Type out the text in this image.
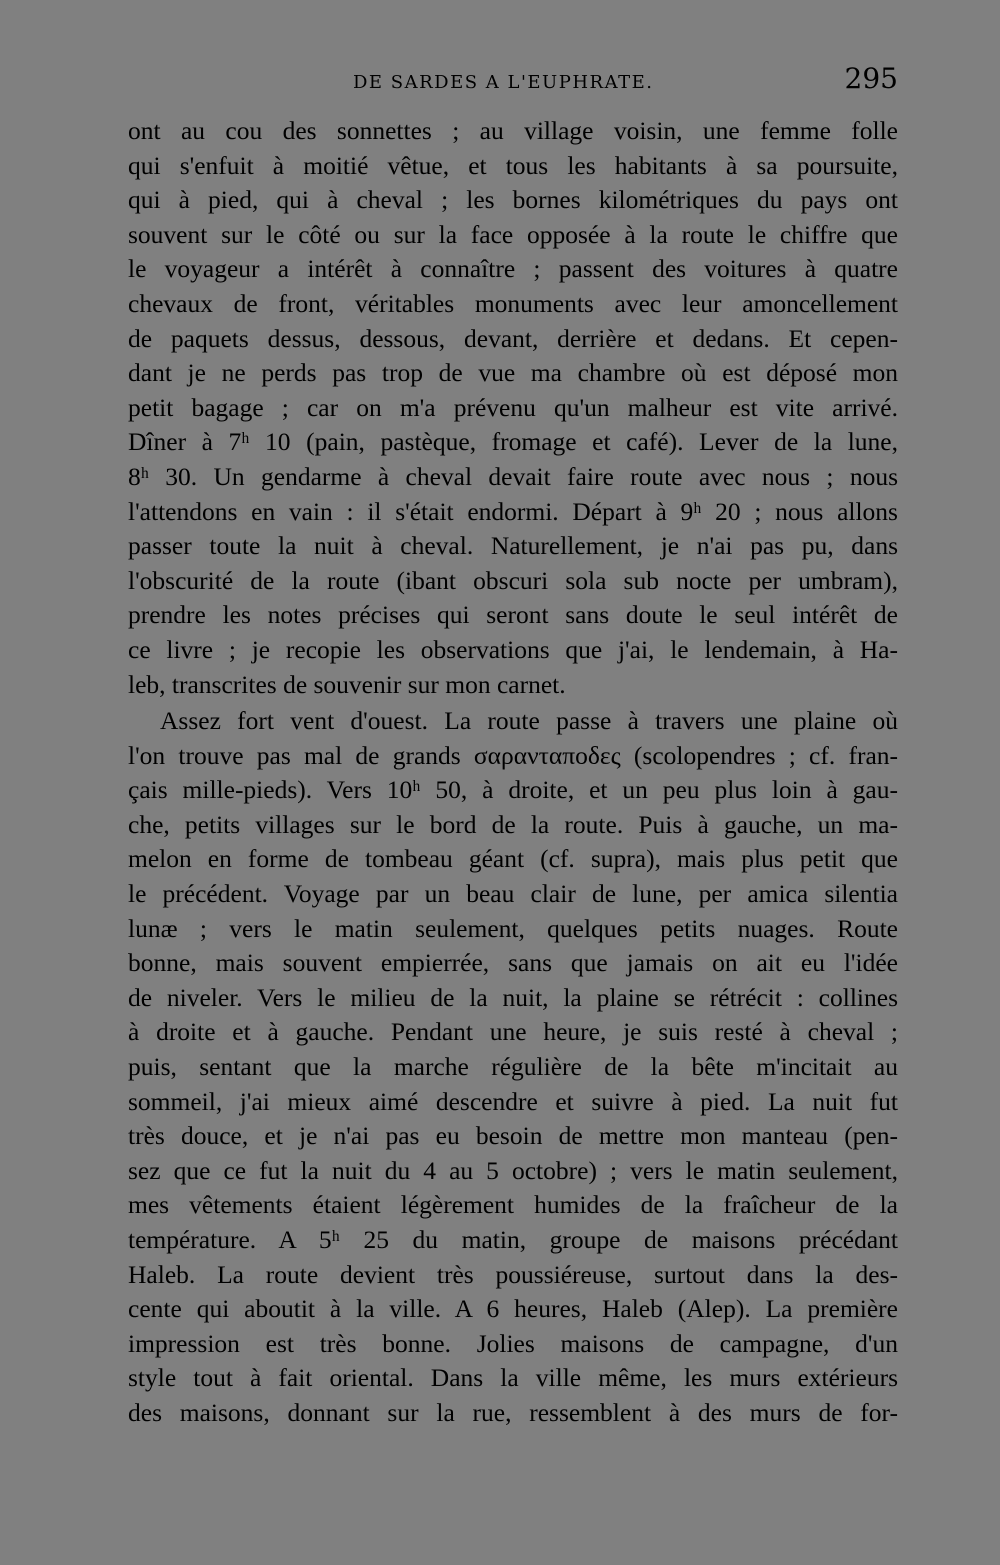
DE SARDES A L'EUPHRATE.	295
ont au cou des sonnettes ; au village voisin, une femme folle
qui s'enfuit à moitié vêtue, et tous les habitants à sa poursuite,
qui à pied, qui à cheval ; les bornes kilométriques du pays ont
souvent sur le côté ou sur la face opposée à la route le chiffre que
le voyageur a intérêt à connaître ; passent des voitures à quatre
chevaux de front, véritables monuments avec leur amoncellement
de paquets dessus, dessous, devant, derrière et dedans. Et cepen-
dant je ne perds pas trop de vue ma chambre où est déposé mon
petit bagage ; car on m'a prévenu qu'un malheur est vite arrivé.
Dîner à 7ʰ 10 (pain, pastèque, fromage et café). Lever de la lune,
8ʰ 30. Un gendarme à cheval devait faire route avec nous ; nous
l'attendons en vain : il s'était endormi. Départ à 9ʰ 20 ; nous allons
passer toute la nuit à cheval. Naturellement, je n'ai pas pu, dans
l'obscurité de la route (ibant obscuri sola sub nocte per umbram),
prendre les notes précises qui seront sans doute le seul intérêt de
ce livre ; je recopie les observations que j'ai, le lendemain, à Ha-
leb, transcrites de souvenir sur mon carnet.
Assez fort vent d'ouest. La route passe à travers une plaine où
l'on trouve pas mal de grands σαρανταποδες (scolopendres ; cf. fran-
çais mille-pieds). Vers 10ʰ 50, à droite, et un peu plus loin à gau-
che, petits villages sur le bord de la route. Puis à gauche, un ma-
melon en forme de tombeau géant (cf. supra), mais plus petit que
le précédent. Voyage par un beau clair de lune, per amica silentia
lunæ ; vers le matin seulement, quelques petits nuages. Route
bonne, mais souvent empierrée, sans que jamais on ait eu l'idée
de niveler. Vers le milieu de la nuit, la plaine se rétrécit : collines
à droite et à gauche. Pendant une heure, je suis resté à cheval ;
puis, sentant que la marche régulière de la bête m'incitait au
sommeil, j'ai mieux aimé descendre et suivre à pied. La nuit fut
très douce, et je n'ai pas eu besoin de mettre mon manteau (pen-
sez que ce fut la nuit du 4 au 5 octobre) ; vers le matin seulement,
mes vêtements étaient légèrement humides de la fraîcheur de la
température. A 5ʰ 25 du matin, groupe de maisons précédant
Haleb. La route devient très poussiéreuse, surtout dans la des-
cente qui aboutit à la ville. A 6 heures, Haleb (Alep). La première
impression est très bonne. Jolies maisons de campagne, d'un
style tout à fait oriental. Dans la ville même, les murs extérieurs
des maisons, donnant sur la rue, ressemblent à des murs de for-
